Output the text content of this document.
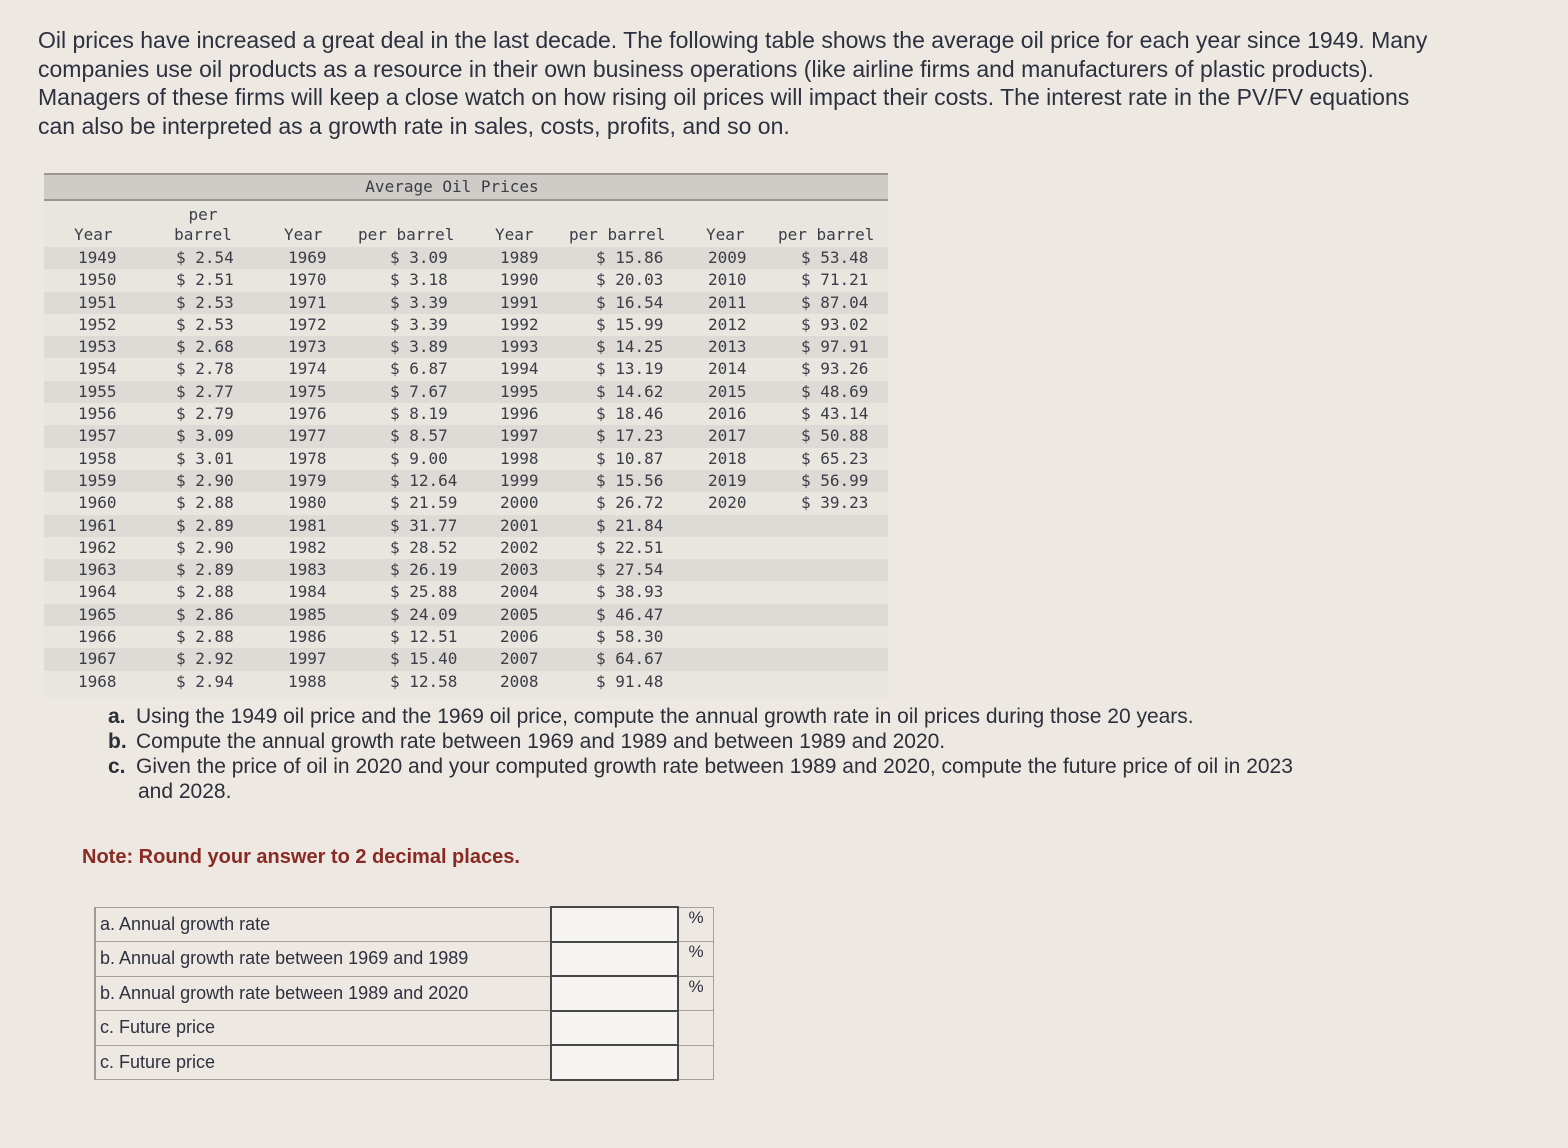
Oil prices have increased a great deal in the last decade. The following table shows the average oil price for each year since 1949. Many companies use oil products as a resource in their own business operations (like airline firms and manufacturers of plastic products). Managers of these firms will keep a close watch on how rising oil prices will impact their costs. The interest rate in the PV/FV equations can also be interpreted as a growth rate in sales, costs, profits, and so on.

Average Oil Prices
Year
per
barrel	Year per barrel	Year per barrel	Year per barrel
1949	$ 2.54	1969	$ 3.09	1989	$ 15.86	2009	$ 53.48
1950	$ 2.51	1970	$ 3.18	1990	$ 20.03	2010	$ 71.21
1951	$ 2.53	1971	$ 3.39	1991	$ 16.54	2011	$ 87.04
1952	$ 2.53	1972	$ 3.39	1992	$ 15.99	2012	$ 93.02
1953	$ 2.68	1973	$ 3.89	1993	$ 14.25	2013	$ 97.91
1954	$ 2.78	1974	$ 6.87	1994	$ 13.19	2014	$ 93.26
1955	$ 2.77	1975	$ 7.67	1995	$ 14.62	2015	$ 48.69
1956	$ 2.79	1976	$ 8.19	1996	$ 18.46	2016	$ 43.14
1957	$ 3.09	1977	$ 8.57	1997	$ 17.23	2017	$ 50.88
1958	$ 3.01	1978	$ 9.00	1998	$ 10.87	2018	$ 65.23
1959	$ 2.90	1979	$ 12.64	1999	$ 15.56	2019	$ 56.99
1960	$ 2.88	1980	$ 21.59	2000	$ 26.72	2020	$ 39.23
1961	$ 2.89	1981	$ 31.77	2001	$ 21.84
1962	$ 2.90	1982	$ 28.52	2002	$ 22.51
1963	$ 2.89	1983	$ 26.19	2003	$ 27.54
1964	$ 2.88	1984	$ 25.88	2004	$ 38.93
1965	$ 2.86	1985	$ 24.09	2005	$ 46.47
1966	$ 2.88	1986	$ 12.51	2006	$ 58.30
1967	$ 2.92	1997	$ 15.40	2007	$ 64.67
1968	$ 2.94	1988	$ 12.58	2008	$ 91.48
a. Using the 1949 oil price and the 1969 oil price, compute the annual growth rate in oil prices during those 20 years.
b. Compute the annual growth rate between 1969 and 1989 and between 1989 and 2020.
c. Given the price of oil in 2020 and your computed growth rate between 1989 and 2020, compute the future price of oil in 2023
and 2028.
Note: Round your answer to 2 decimal places.
a. Annual growth rate		%
b. Annual growth rate between 1969 and 1989		%
b. Annual growth rate between 1989 and 2020		%
c. Future price		
c. Future price		
